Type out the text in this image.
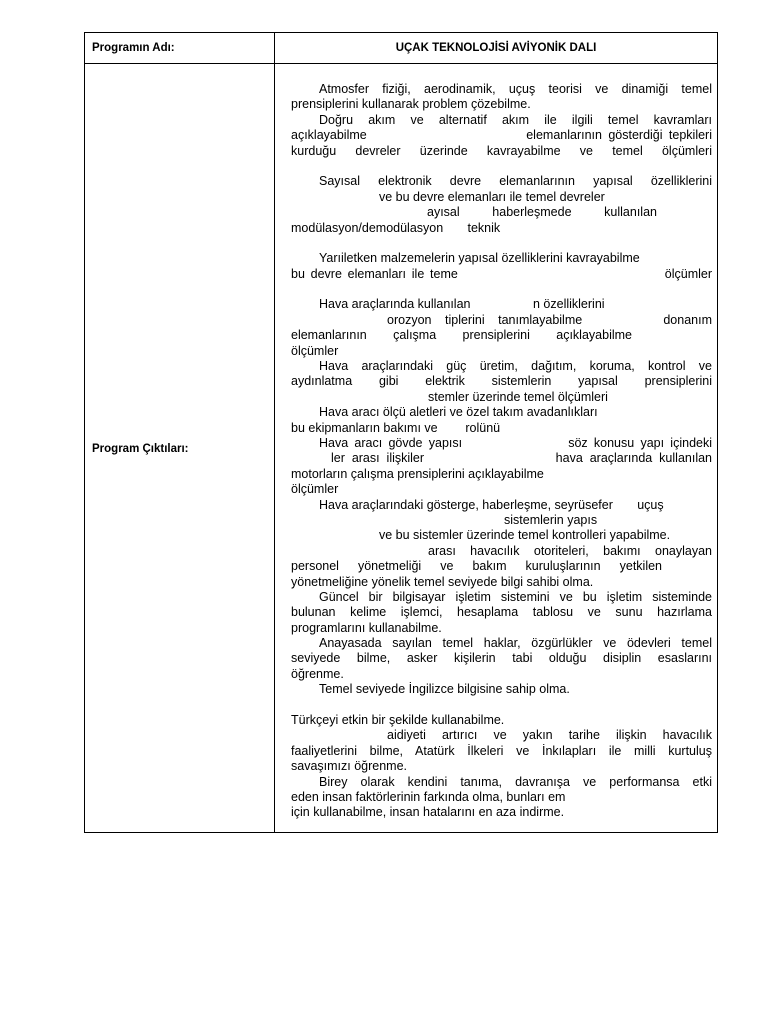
Programın Adı:	UÇAK TEKNOLOJİSİ AVİYONİK DALI
Program Çıktıları:
Atmosfer fiziği, aerodinamik, uçuş teorisi ve dinamiği temel
prensiplerini kullanarak problem çözebilme.
Doğru akım ve alternatif akım ile ilgili temel kavramları
açıklayabilme                         elemanlarının gösterdiği tepkileri
kurduğu devreler üzerinde kavrayabilme ve temel ölçümleri
Sayısal elektronik devre elemanlarının yapısal özelliklerini
ve bu devre elemanları ile temel devreler
ayısal haberleşmede kullanılan
modülasyon/demodülasyon       teknik
Yarıiletken malzemelerin yapısal özelliklerini kavrayabilme
bu devre elemanları ile teme                                    ölçümler
Hava araçlarında kullanılan                  n özelliklerini
orozyon tiplerini tanımlayabilme      donanım
elemanlarının çalışma prensiplerini açıklayabilme
ölçümler
Hava araçlarındaki güç üretim, dağıtım, koruma, kontrol ve
aydınlatma gibi elektrik sistemlerin yapısal prensiplerini
stemler üzerinde temel ölçümleri
Hava aracı ölçü aletleri ve özel takım avadanlıkları
bu ekipmanların bakımı ve        rolünü
Hava aracı gövde yapısı                 söz konusu yapı içindeki
ler arası ilişkiler                   hava araçlarında kullanılan
motorların çalışma prensiplerini açıklayabilme
ölçümler
Hava araçlarındaki gösterge, haberleşme, seyrüsefer       uçuş
sistemlerin yapıs
ve bu sistemler üzerinde temel kontrolleri yapabilme.
arası havacılık otoriteleri, bakımı onaylayan
personel yönetmeliği ve bakım kuruluşlarının yetkilen
yönetmeliğine yönelik temel seviyede bilgi sahibi olma.
Güncel bir bilgisayar işletim sistemini ve bu işletim sisteminde
bulunan kelime işlemci, hesaplama tablosu ve sunu hazırlama
programlarını kullanabilme.
Anayasada sayılan temel haklar, özgürlükler ve ödevleri temel
seviyede bilme, asker kişilerin tabi olduğu disiplin esaslarını
öğrenme.
Temel seviyede İngilizce bilgisine sahip olma.
Türkçeyi etkin bir şekilde kullanabilme.
aidiyeti artırıcı ve yakın tarihe ilişkin havacılık
faaliyetlerini bilme, Atatürk İlkeleri ve İnkılapları ile milli kurtuluş
savaşımızı öğrenme.
Birey olarak kendini tanıma, davranışa ve performansa etki
eden insan faktörlerinin farkında olma, bunları em
için kullanabilme, insan hatalarını en aza indirme.
